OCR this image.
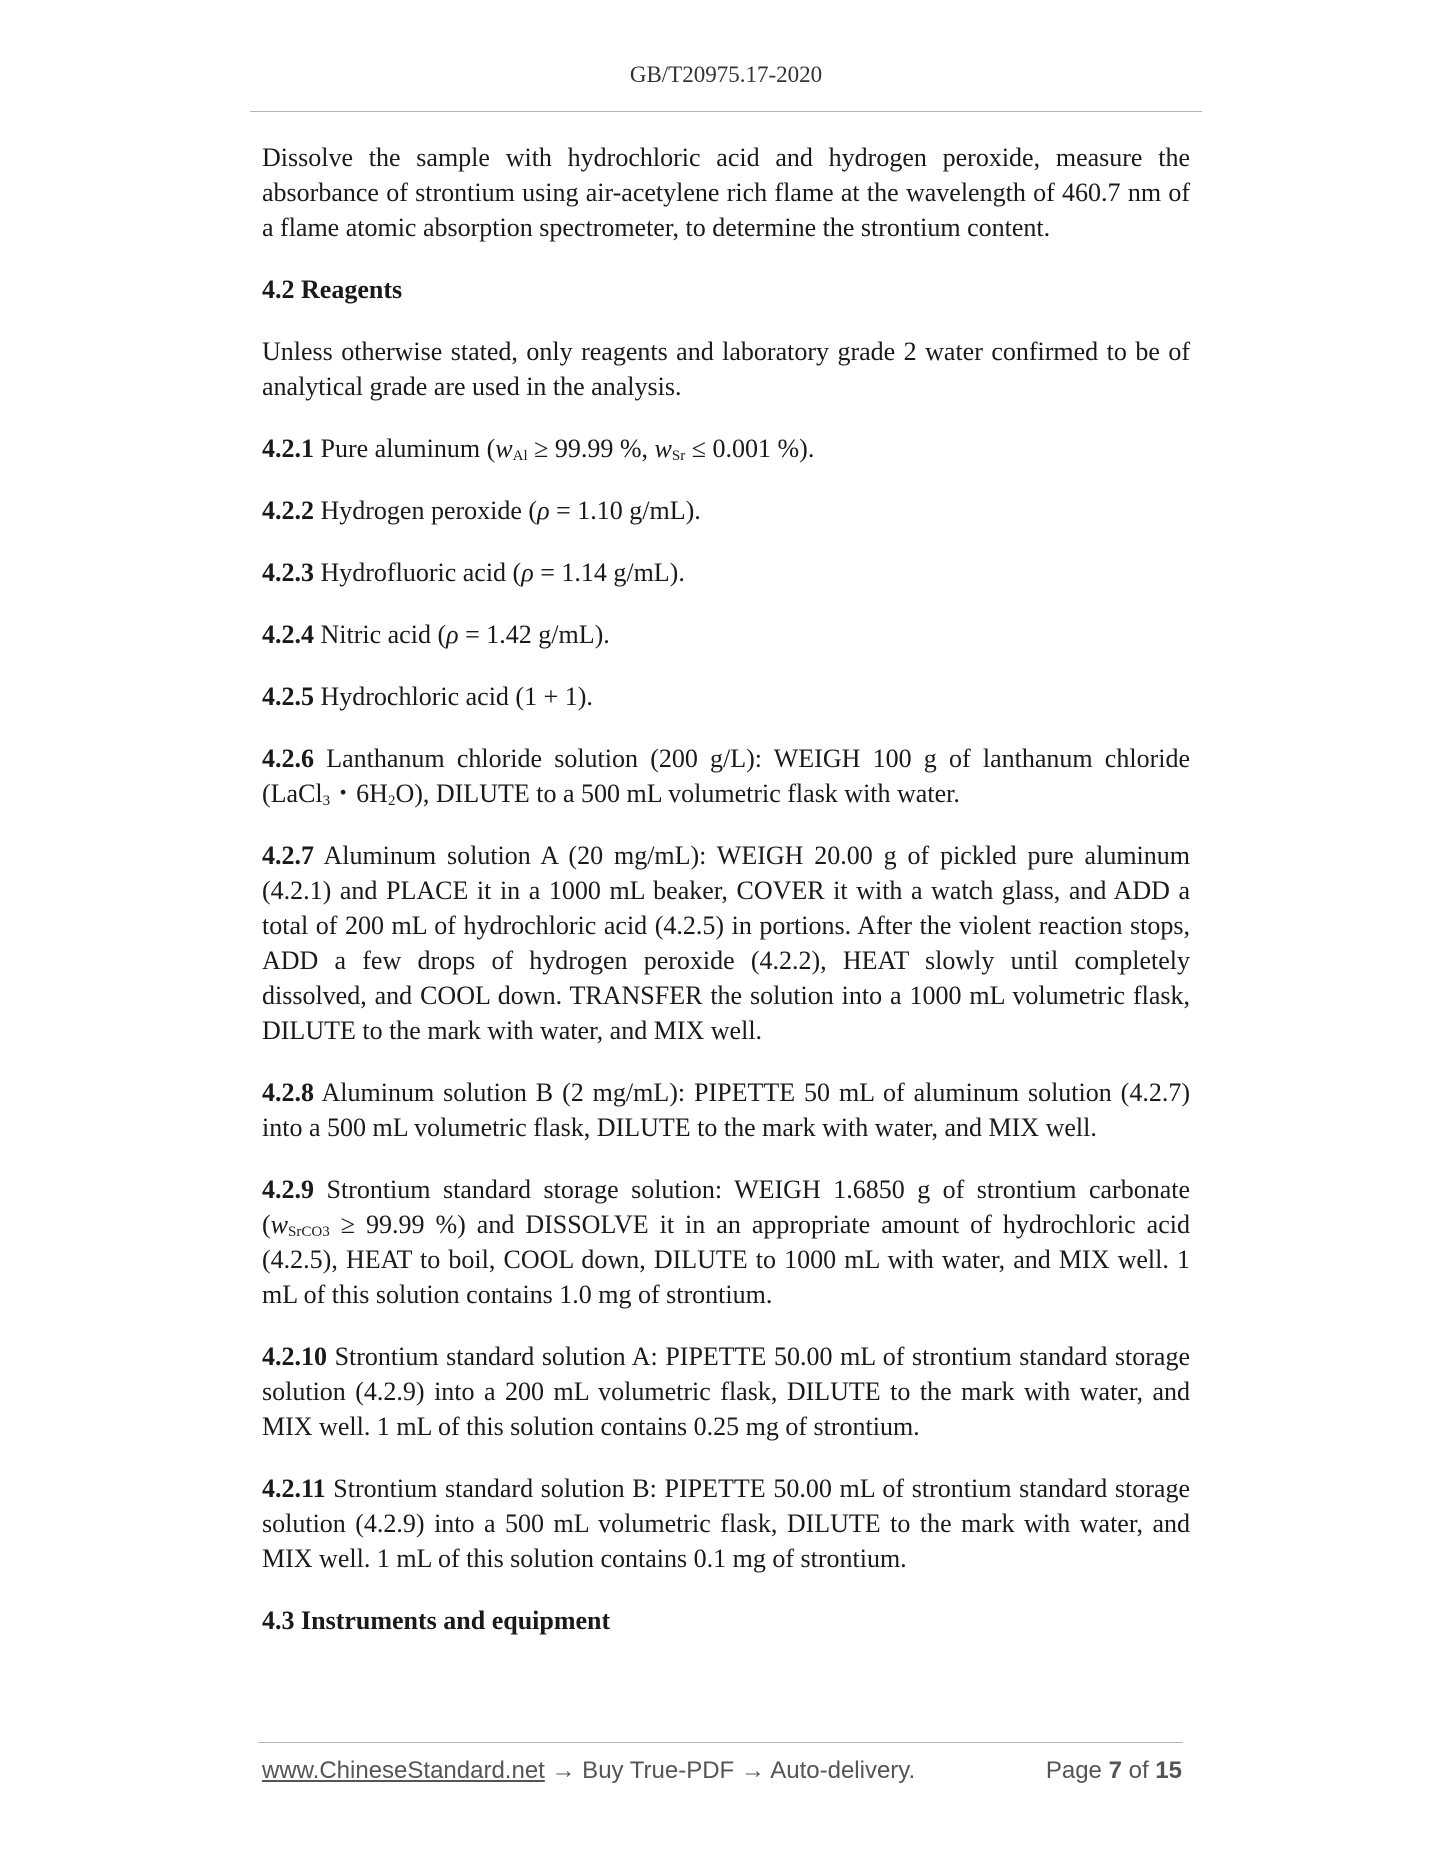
GB/T20975.17-2020

Dissolve the sample with hydrochloric acid and hydrogen peroxide, measure the absorbance of strontium using air-acetylene rich flame at the wavelength of 460.7 nm of a flame atomic absorption spectrometer, to determine the strontium content.

4.2 Reagents

Unless otherwise stated, only reagents and laboratory grade 2 water confirmed to be of analytical grade are used in the analysis.

4.2.1 Pure aluminum ($w_{Al} \ge 99.99$ %, $w_{Sr} \le 0.001$ %).

4.2.2 Hydrogen peroxide (ρ = 1.10 g/mL).

4.2.3 Hydrofluoric acid (ρ = 1.14 g/mL).

4.2.4 Nitric acid (ρ = 1.42 g/mL).

4.2.5 Hydrochloric acid (1 + 1).

4.2.6 Lanthanum chloride solution (200 g/L): WEIGH 100 g of lanthanum chloride (LaCl$_3$・$6H_2O$), DILUTE to a 500 mL volumetric flask with water.

4.2.7 Aluminum solution A (20 mg/mL): WEIGH 20.00 g of pickled pure aluminum (4.2.1) and PLACE it in a 1000 mL beaker, COVER it with a watch glass, and ADD a total of 200 mL of hydrochloric acid (4.2.5) in portions. After the violent reaction stops, ADD a few drops of hydrogen peroxide (4.2.2), HEAT slowly until completely dissolved, and COOL down. TRANSFER the solution into a 1000 mL volumetric flask, DILUTE to the mark with water, and MIX well.

4.2.8 Aluminum solution B (2 mg/mL): PIPETTE 50 mL of aluminum solution (4.2.7) into a 500 mL volumetric flask, DILUTE to the mark with water, and MIX well.

4.2.9 Strontium standard storage solution: WEIGH 1.6850 g of strontium carbonate ($w_{SrCO3} \ge 99.99$ %) and DISSOLVE it in an appropriate amount of hydrochloric acid (4.2.5), HEAT to boil, COOL down, DILUTE to 1000 mL with water, and MIX well. 1 mL of this solution contains 1.0 mg of strontium.

4.2.10 Strontium standard solution A: PIPETTE 50.00 mL of strontium standard storage solution (4.2.9) into a 200 mL volumetric flask, DILUTE to the mark with water, and MIX well. 1 mL of this solution contains 0.25 mg of strontium.

4.2.11 Strontium standard solution B: PIPETTE 50.00 mL of strontium standard storage solution (4.2.9) into a 500 mL volumetric flask, DILUTE to the mark with water, and MIX well. 1 mL of this solution contains 0.1 mg of strontium.

4.3 Instruments and equipment
www.ChineseStandard.net → Buy True-PDF → Auto-delivery.	Page 7 of 15
